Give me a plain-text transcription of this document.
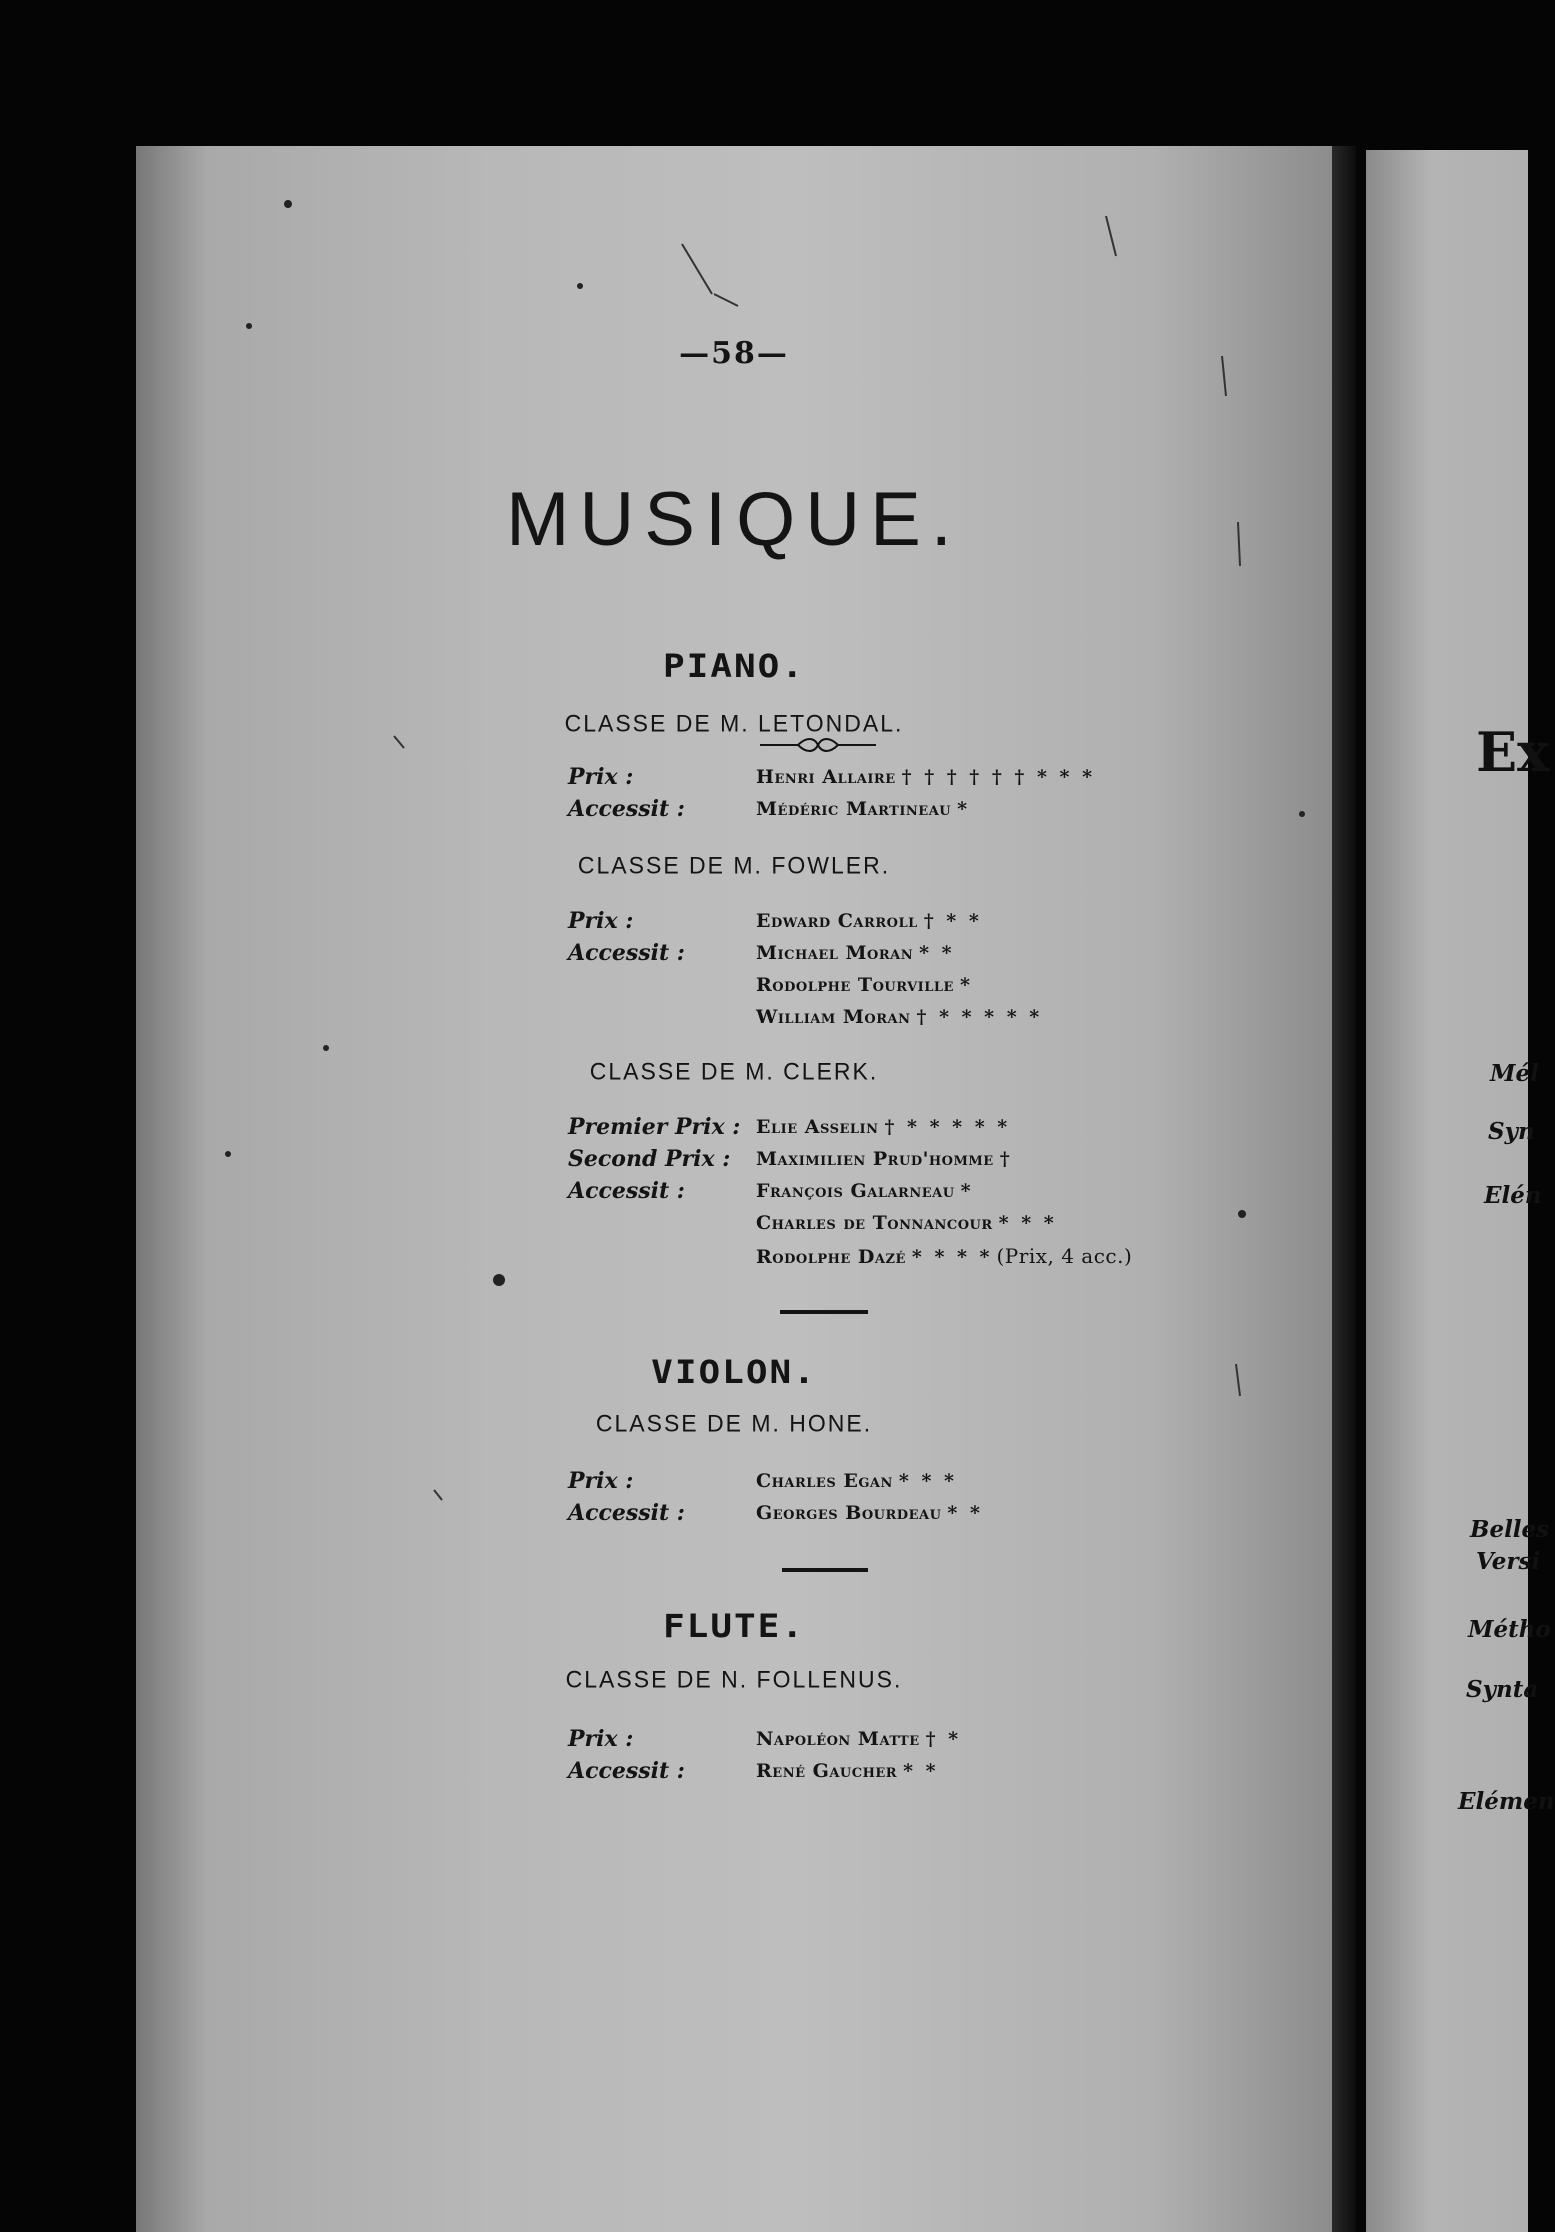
Ex
Mél
Syn
Elén
Belles
Versi
Métho
Synta
Elémen
—58—
MUSIQUE.
PIANO.
CLASSE DE M. LETONDAL.
Prix :	Henri Allaire † † † † † † * * *
Accessit :	Médéric Martineau *
CLASSE DE M. FOWLER.
Prix :	Edward Carroll † * *
Accessit :	Michael Moran * *
Rodolphe Tourville *
William Moran † * * * * *
CLASSE DE M. CLERK.
Premier Prix : Elie Asselin † * * * * *
Second Prix : Maximilien Prud'homme †
Accessit :	François Galarneau *
Charles de Tonnancour * * *
Rodolphe Dazé * * * * (Prix, 4 acc.)
VIOLON.
CLASSE DE M. HONE.
Prix :	Charles Egan * * *
Accessit :	Georges Bourdeau * *
FLUTE.
CLASSE DE N. FOLLENUS.
Prix :	Napoléon Matte † *
Accessit :	René Gaucher * *
